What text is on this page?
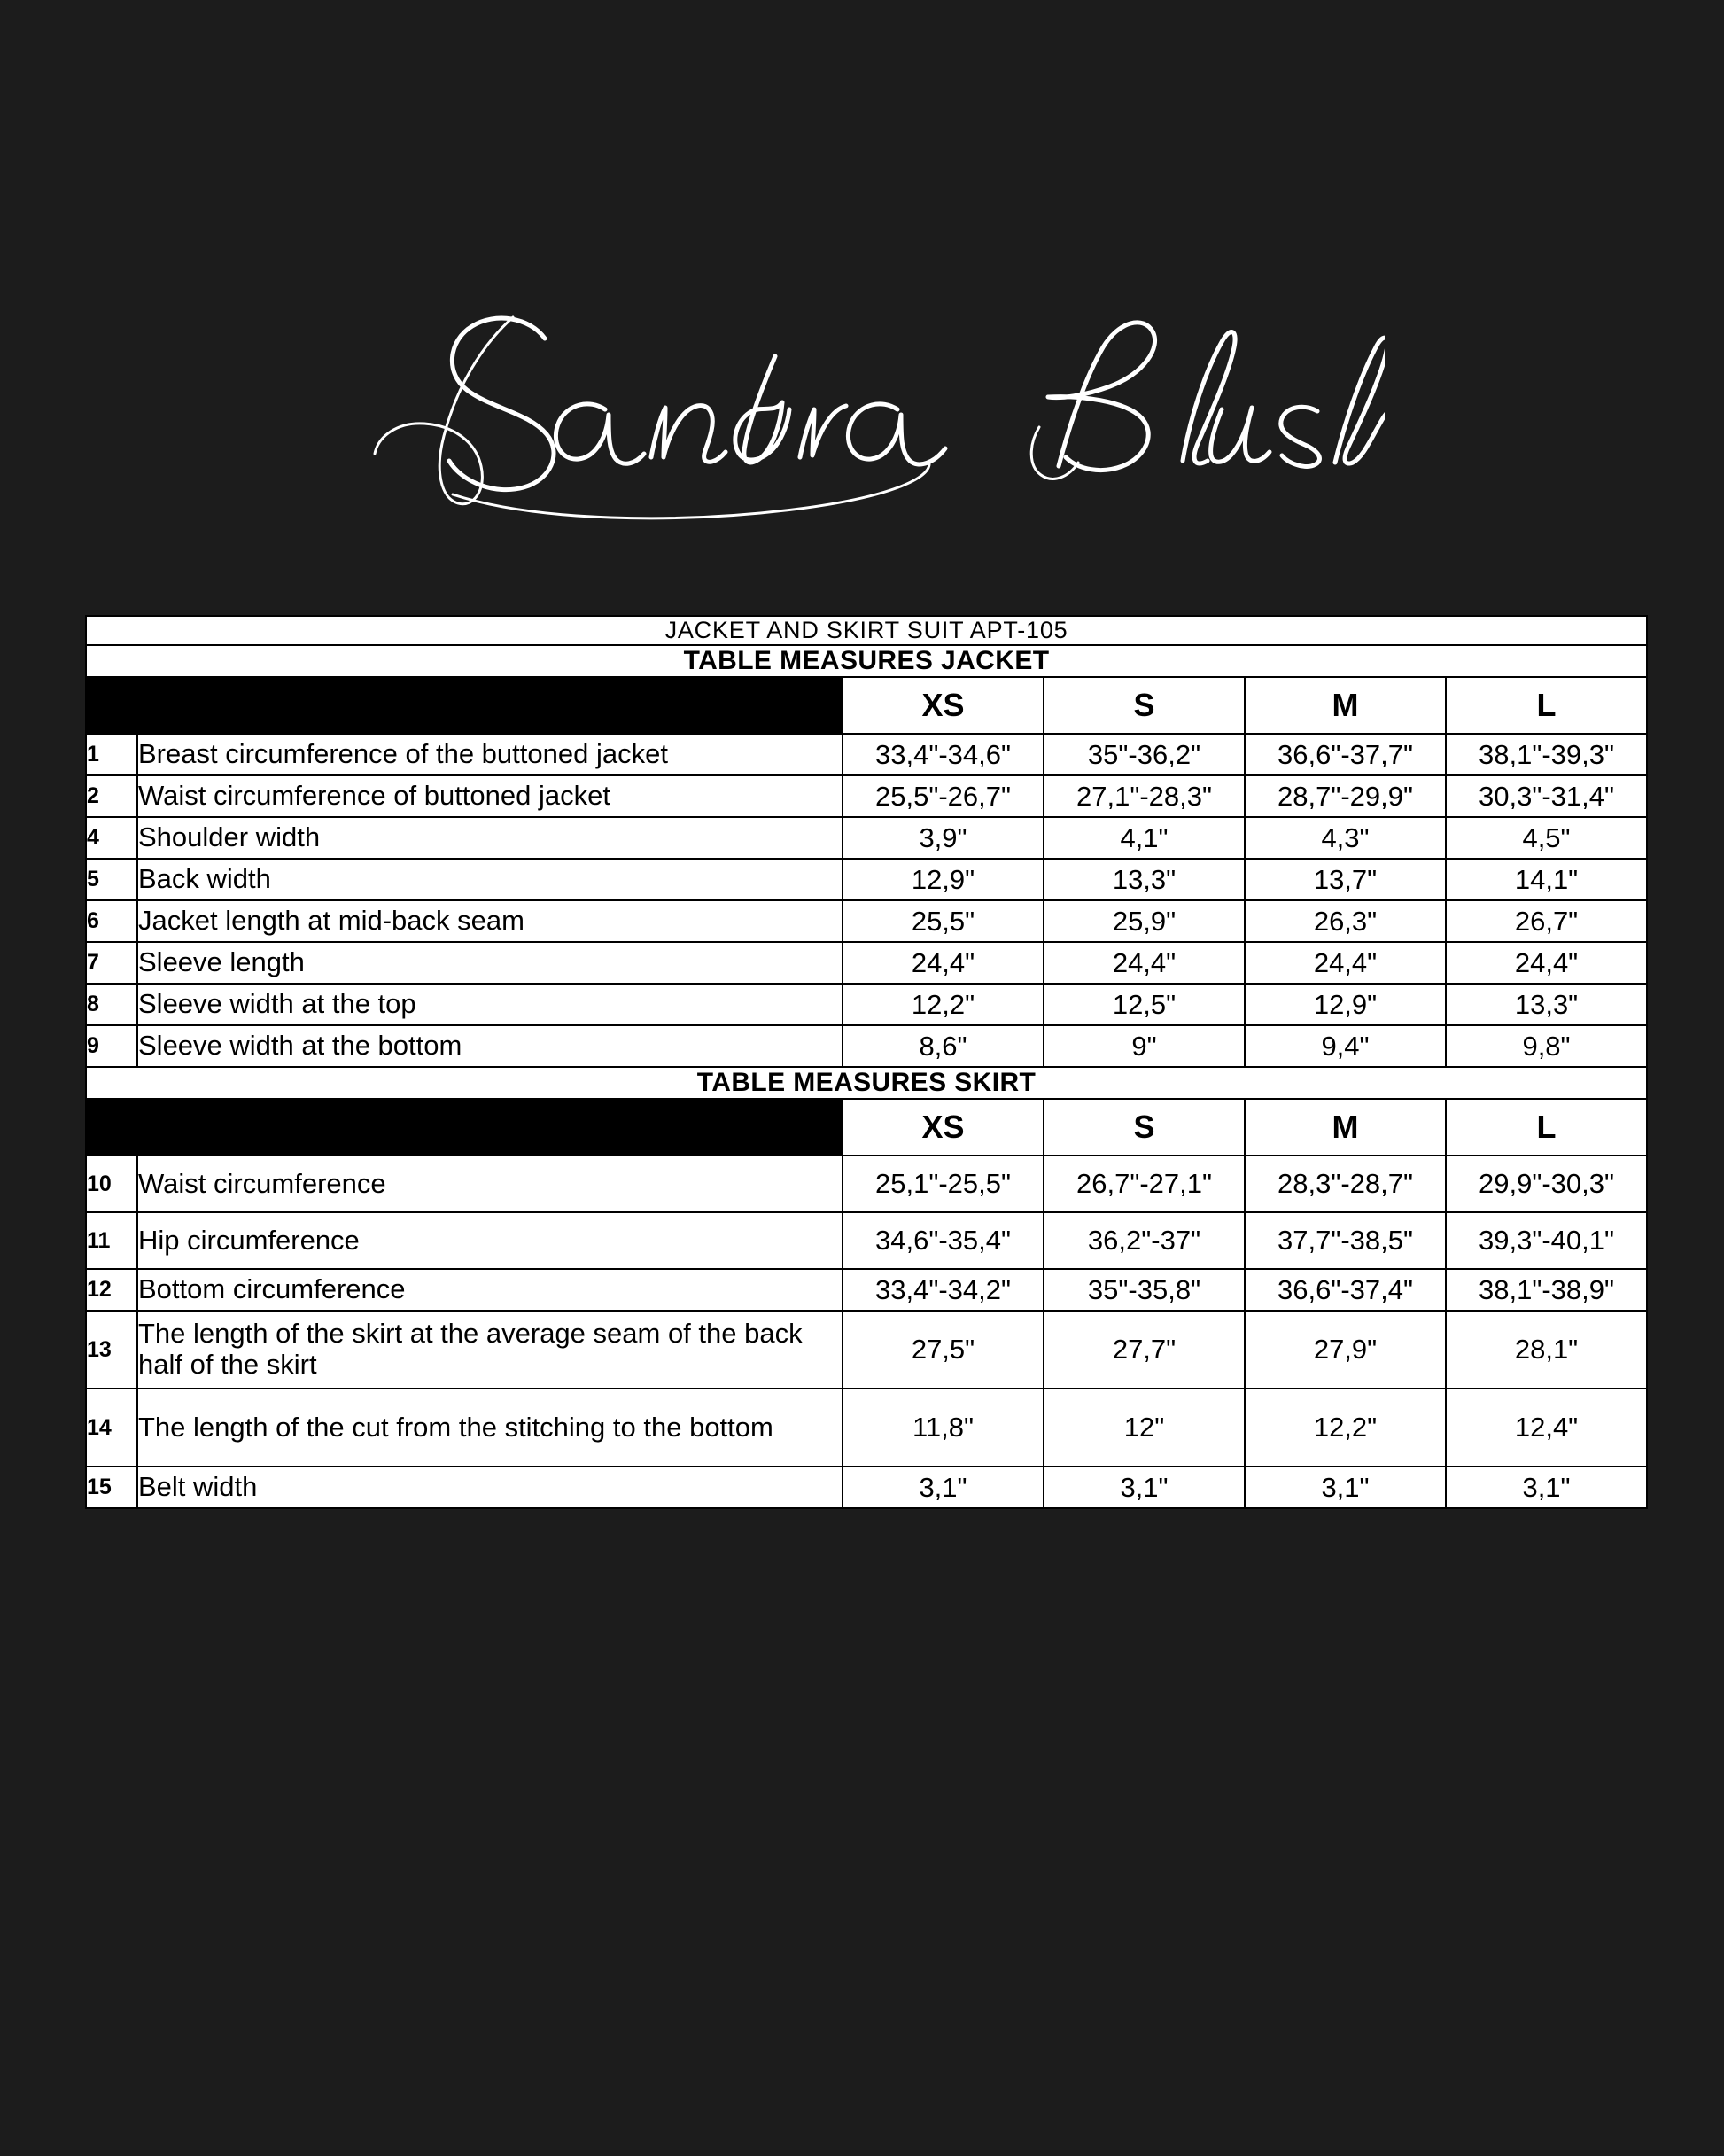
JACKET AND SKIRT SUIT APT-105					
TABLE MEASURES JACKET					
		XS	S	M	L
1	Breast circumference of the buttoned jacket	33,4"-34,6"	35"-36,2"	36,6"-37,7"	38,1"-39,3"
2	Waist circumference of buttoned jacket	25,5"-26,7"	27,1"-28,3"	28,7"-29,9"	30,3"-31,4"
4	Shoulder width	3,9"	4,1"	4,3"	4,5"
5	Back width	12,9"	13,3"	13,7"	14,1"
6	Jacket length at mid-back seam	25,5"	25,9"	26,3"	26,7"
7	Sleeve length	24,4"	24,4"	24,4"	24,4"
8	Sleeve width at the top	12,2"	12,5"	12,9"	13,3"
9	Sleeve width at the bottom	8,6"	9"	9,4"	9,8"
TABLE MEASURES SKIRT					
		XS	S	M	L
10	Waist circumference	25,1"-25,5"	26,7"-27,1"	28,3"-28,7"	29,9"-30,3"
11	Hip circumference	34,6"-35,4"	36,2"-37"	37,7"-38,5"	39,3"-40,1"
12	Bottom circumference	33,4"-34,2"	35"-35,8"	36,6"-37,4"	38,1"-38,9"
13	The length of the skirt at the average seam of the back half of the skirt	27,5"	27,7"	27,9"	28,1"
14	The length of the cut from the stitching to the bottom	11,8"	12"	12,2"	12,4"
15	Belt width	3,1"	3,1"	3,1"	3,1"
